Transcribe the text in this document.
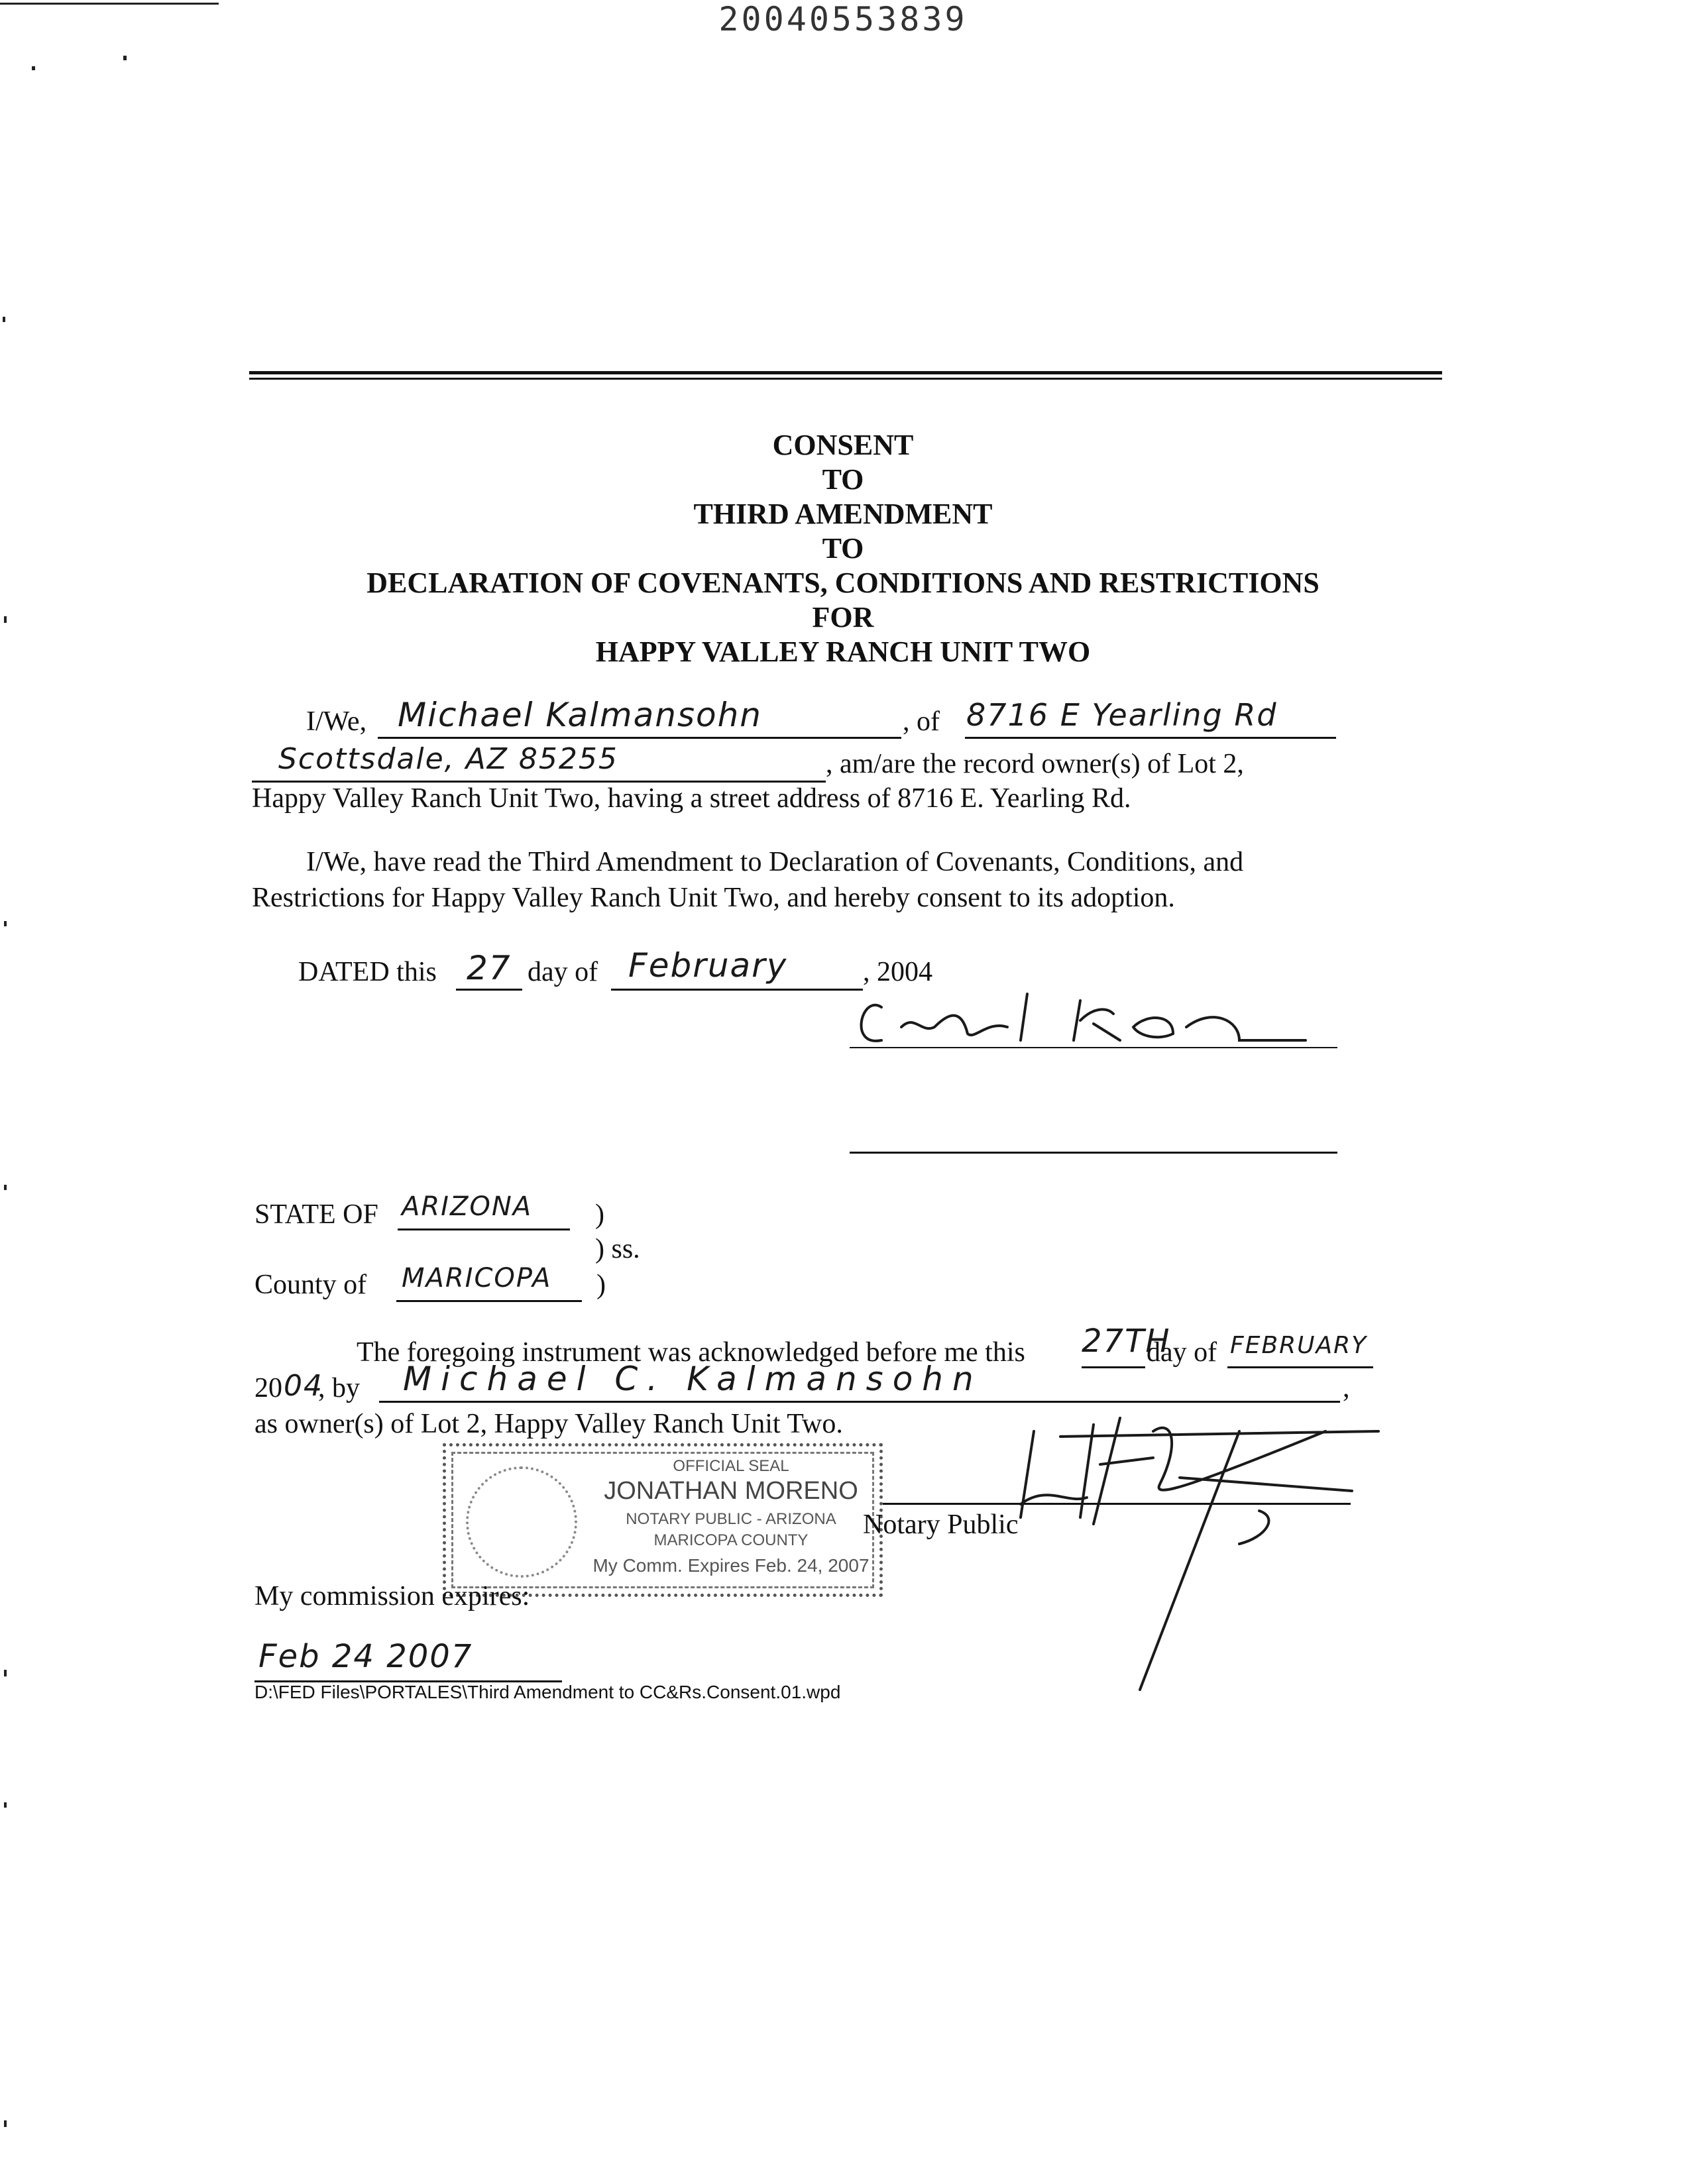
20040553839
CONSENT
TO
THIRD AMENDMENT
TO
DECLARATION OF COVENANTS, CONDITIONS AND RESTRICTIONS
FOR
HAPPY VALLEY RANCH UNIT TWO
I/We, Michael Kalmansohn	, of 8716 E Yearling Rd
Scottsdale, AZ 85255	, am/are the record owner(s) of Lot 2,
Happy Valley Ranch Unit Two, having a street address of 8716 E. Yearling Rd.
I/We, have read the Third Amendment to Declaration of Covenants, Conditions, and
Restrictions for Happy Valley Ranch Unit Two, and hereby consent to its adoption.
DATED this 27 day of February	, 2004
STATE OF ARIZONA )
) ss.
County of MARICOPA )
The foregoing instrument was acknowledged before me this 27TH
day of FEBRUARY
20 04
, by Michael C. Kalmansohn	,
as owner(s) of Lot 2, Happy Valley Ranch Unit Two.
OFFICIAL SEAL
JONATHAN MORENO
NOTARY PUBLIC - ARIZONA
MARICOPA COUNTY
My Comm. Expires Feb. 24, 2007
Notary Public
My commission expires:
Feb 24 2007
D:\FED Files\PORTALES\Third Amendment to CC&Rs.Consent.01.wpd
